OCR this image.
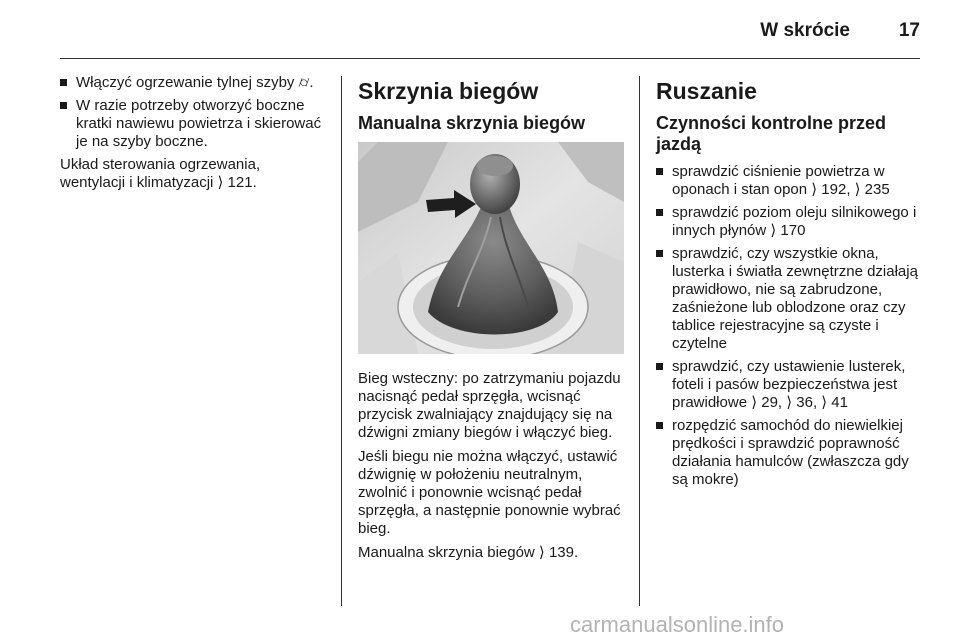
W skrócie	17
Włączyć ogrzewanie tylnej szyby ⌭.
W razie potrzeby otworzyć boczne kratki nawiewu powietrza i skierować je na szyby boczne.

Układ sterowania ogrzewania, wentylacji i klimatyzacji ⟩ 121.

Skrzynia biegów
Manualna skrzynia biegów

Bieg wsteczny: po zatrzymaniu pojazdu nacisnąć pedał sprzęgła, wcisnąć przycisk zwalniający znajdujący się na dźwigni zmiany biegów i włączyć bieg.

Jeśli biegu nie można włączyć, ustawić dźwignię w położeniu neutralnym, zwolnić i ponownie wcisnąć pedał sprzęgła, a następnie ponownie wybrać bieg.

Manualna skrzynia biegów ⟩ 139.

Ruszanie
Czynności kontrolne przed jazdą
sprawdzić ciśnienie powietrza w oponach i stan opon ⟩ 192, ⟩ 235
sprawdzić poziom oleju silnikowego i innych płynów ⟩ 170
sprawdzić, czy wszystkie okna, lusterka i światła zewnętrzne działają prawidłowo, nie są zabrudzone, zaśnieżone lub oblodzone oraz czy tablice rejestracyjne są czyste i czytelne
sprawdzić, czy ustawienie lusterek, foteli i pasów bezpieczeństwa jest prawidłowe ⟩ 29, ⟩ 36, ⟩ 41
rozpędzić samochód do niewielkiej prędkości i sprawdzić poprawność działania hamulców (zwłaszcza gdy są mokre)
carmanualsonline.info
